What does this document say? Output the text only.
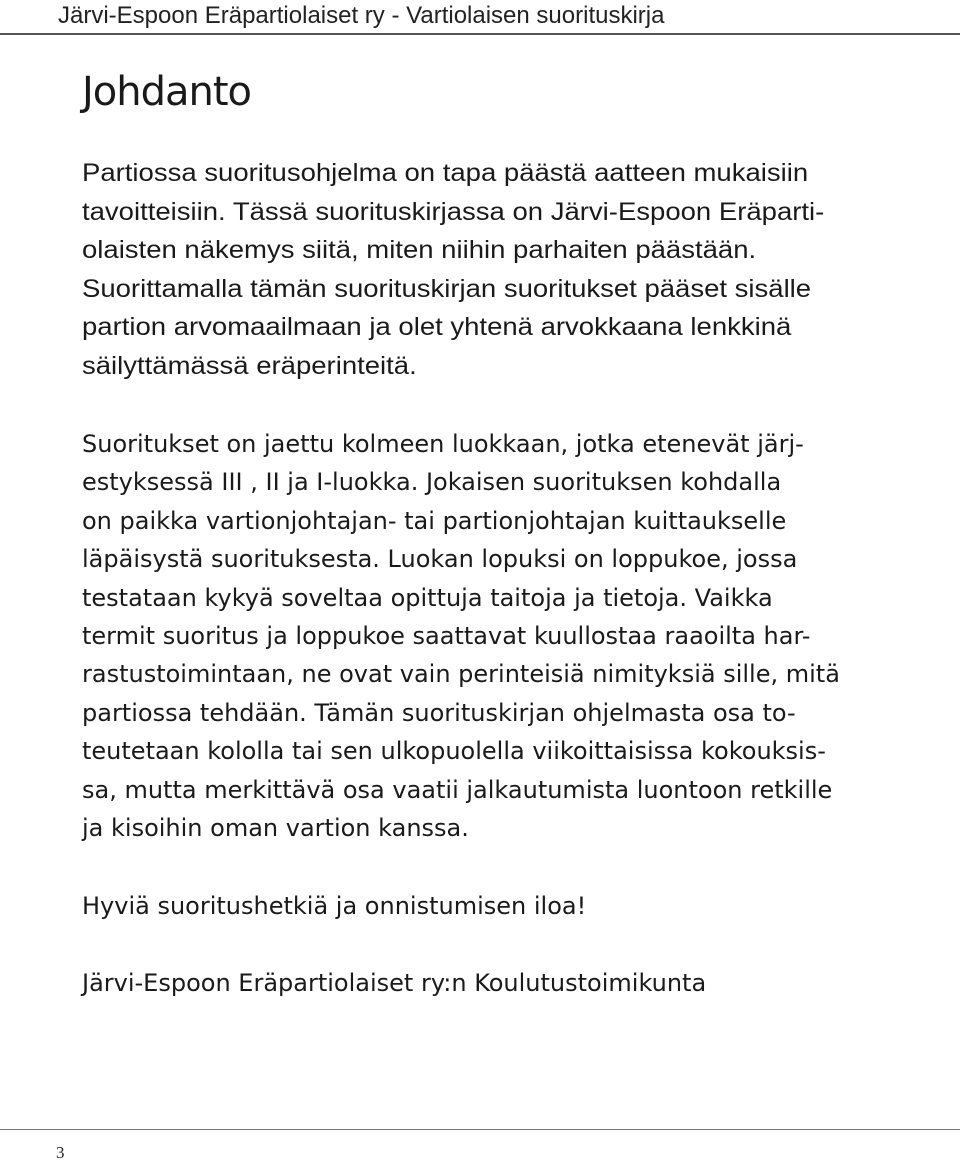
Järvi-Espoon Eräpartiolaiset ry - Vartiolaisen suorituskirja
Johdanto
Partiossa suoritusohjelma on tapa päästä aatteen mukaisiin
tavoitteisiin. Tässä suorituskirjassa on Järvi-Espoon Eräparti-
olaisten näkemys siitä, miten niihin parhaiten päästään.
Suorittamalla tämän suorituskirjan suoritukset pääset sisälle
partion arvomaailmaan ja olet yhtenä arvokkaana lenkkinä
säilyttämässä eräperinteitä.
Suoritukset on jaettu kolmeen luokkaan, jotka etenevät järj-
estyksessä III , II ja I-luokka. Jokaisen suorituksen kohdalla
on paikka vartionjohtajan- tai partionjohtajan kuittaukselle
läpäisystä suorituksesta. Luokan lopuksi on loppukoe, jossa
testataan kykyä soveltaa opittuja taitoja ja tietoja. Vaikka
termit suoritus ja loppukoe saattavat kuullostaa raaoilta har-
rastustoimintaan, ne ovat vain perinteisiä nimityksiä sille, mitä
partiossa tehdään. Tämän suorituskirjan ohjelmasta osa to-
teutetaan kololla tai sen ulkopuolella viikoittaisissa kokouksis-
sa, mutta merkittävä osa vaatii jalkautumista luontoon retkille
ja kisoihin oman vartion kanssa.
Hyviä suoritushetkiä ja onnistumisen iloa!
Järvi-Espoon Eräpartiolaiset ry:n Koulutustoimikunta
3
